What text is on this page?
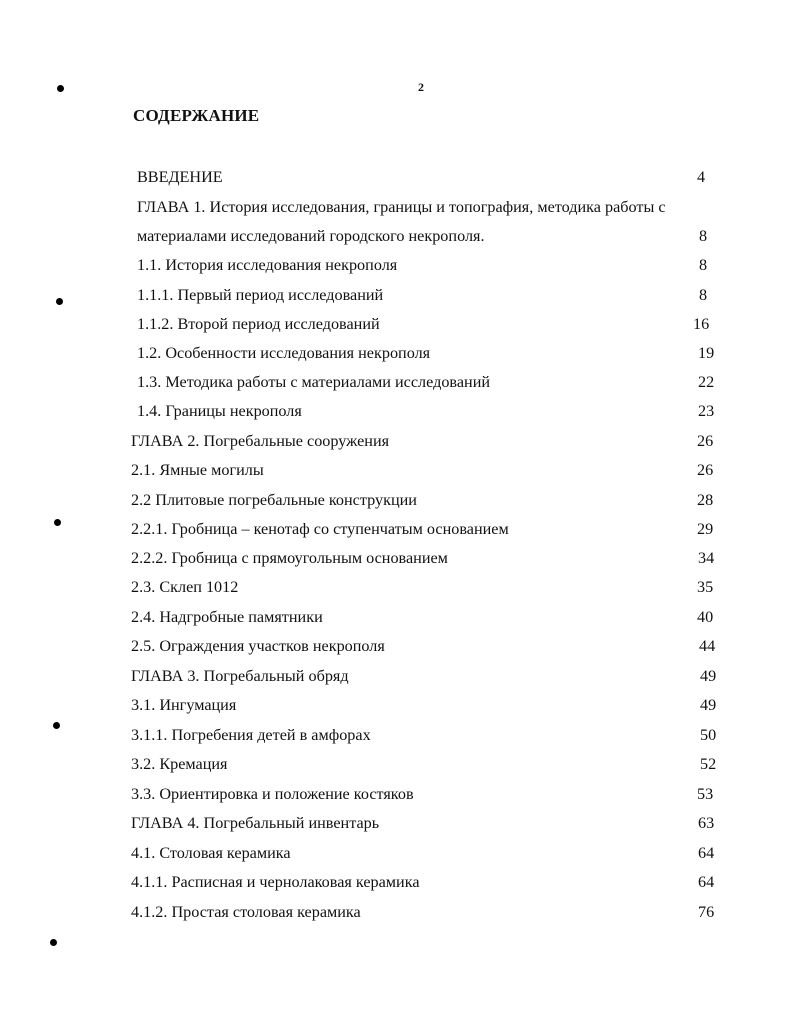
2
СОДЕРЖАНИЕ
ВВЕДЕНИЕ	4
ГЛАВА 1. История исследования, границы и топография, методика работы с
материалами исследований городского некрополя.	8
1.1. История исследования некрополя	8
1.1.1. Первый период исследований	8
1.1.2. Второй период исследований	16
1.2. Особенности исследования некрополя	19
1.3. Методика работы с материалами исследований	22
1.4. Границы некрополя	23
ГЛАВА 2. Погребальные сооружения	26
2.1. Ямные могилы	26
2.2 Плитовые погребальные конструкции	28
2.2.1. Гробница – кенотаф со ступенчатым основанием	29
2.2.2. Гробница с прямоугольным основанием	34
2.3. Склеп 1012	35
2.4. Надгробные памятники	40
2.5. Ограждения участков некрополя	44
ГЛАВА 3. Погребальный обряд	49
3.1. Ингумация	49
3.1.1. Погребения детей в амфорах	50
3.2. Кремация	52
3.3. Ориентировка и положение костяков	53
ГЛАВА 4. Погребальный инвентарь	63
4.1. Столовая керамика	64
4.1.1. Расписная и чернолаковая керамика	64
4.1.2. Простая столовая керамика	76
